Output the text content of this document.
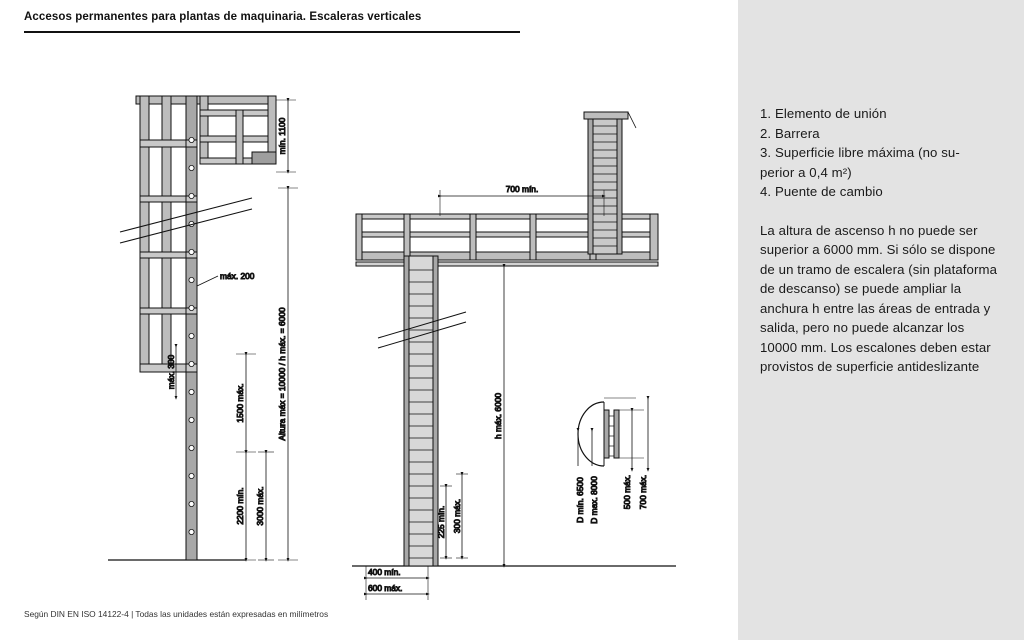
Accesos permanentes para plantas de maquinaria. Escaleras verticales
1. Elemento de unión
2. Barrera
3. Superficie libre máxima (no su-
perior a 0,4 m²)
4. Puente de cambio
La altura de ascenso h no puede ser superior a 6000 mm. Si sólo se dispone de un tramo de escalera (sin plataforma de descanso) se puede ampliar la anchura h entre las áreas de entrada y salida, pero no puede alcanzar los 10000 mm. Los escalones deben estar provistos de superficie antideslizante
Según DIN EN ISO 14122-4 | Todas las unidades están expresadas en milímetros
máx. 200
máx. 300
mín. 1100
Altura máx = 10000 / h máx. = 6000
1500 máx.
2200 mín. 3000 máx.
700 mín.
h máx. 6000
225 mín. 300 máx.
400 mín.
600 máx.
D mín. 6500 D max. 8000	500 máx. 700 máx.
